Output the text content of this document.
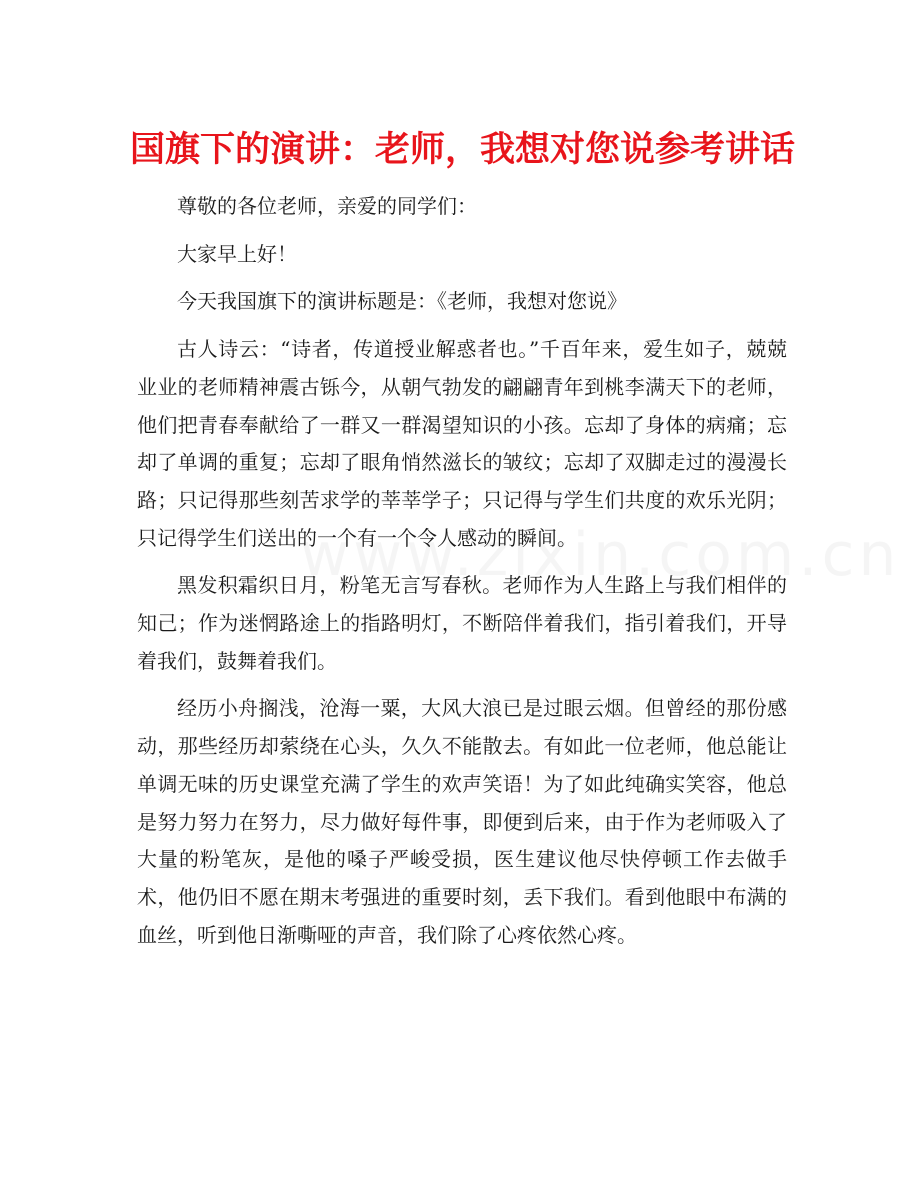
国旗下的演讲：老师，我想对您说参考讲话

尊敬的各位老师，亲爱的同学们：

大家早上好！

今天我国旗下的演讲标题是：《老师，我想对您说》

古人诗云：“诗者，传道授业解惑者也。”千百年来，爱生如子，兢兢业业的老师精神震古铄今，从朝气勃发的翩翩青年到桃李满天下的老师，他们把青春奉献给了一群又一群渴望知识的小孩。忘却了身体的病痛；忘却了单调的重复；忘却了眼角悄然滋长的皱纹；忘却了双脚走过的漫漫长路；只记得那些刻苦求学的莘莘学子；只记得与学生们共度的欢乐光阴；只记得学生们送出的一个有一个令人感动的瞬间。

黑发积霜织日月，粉笔无言写春秋。老师作为人生路上与我们相伴的知己；作为迷惘路途上的指路明灯，不断陪伴着我们，指引着我们，开导着我们，鼓舞着我们。

经历小舟搁浅，沧海一粟，大风大浪已是过眼云烟。但曾经的那份感动，那些经历却萦绕在心头，久久不能散去。有如此一位老师，他总能让单调无味的历史课堂充满了学生的欢声笑语！为了如此纯确实笑容，他总是努力努力在努力，尽力做好每件事，即便到后来，由于作为老师吸入了大量的粉笔灰，是他的嗓子严峻受损，医生建议他尽快停顿工作去做手术，他仍旧不愿在期末考强进的重要时刻，丢下我们。看到他眼中布满的血丝，听到他日渐嘶哑的声音，我们除了心疼依然心疼。
